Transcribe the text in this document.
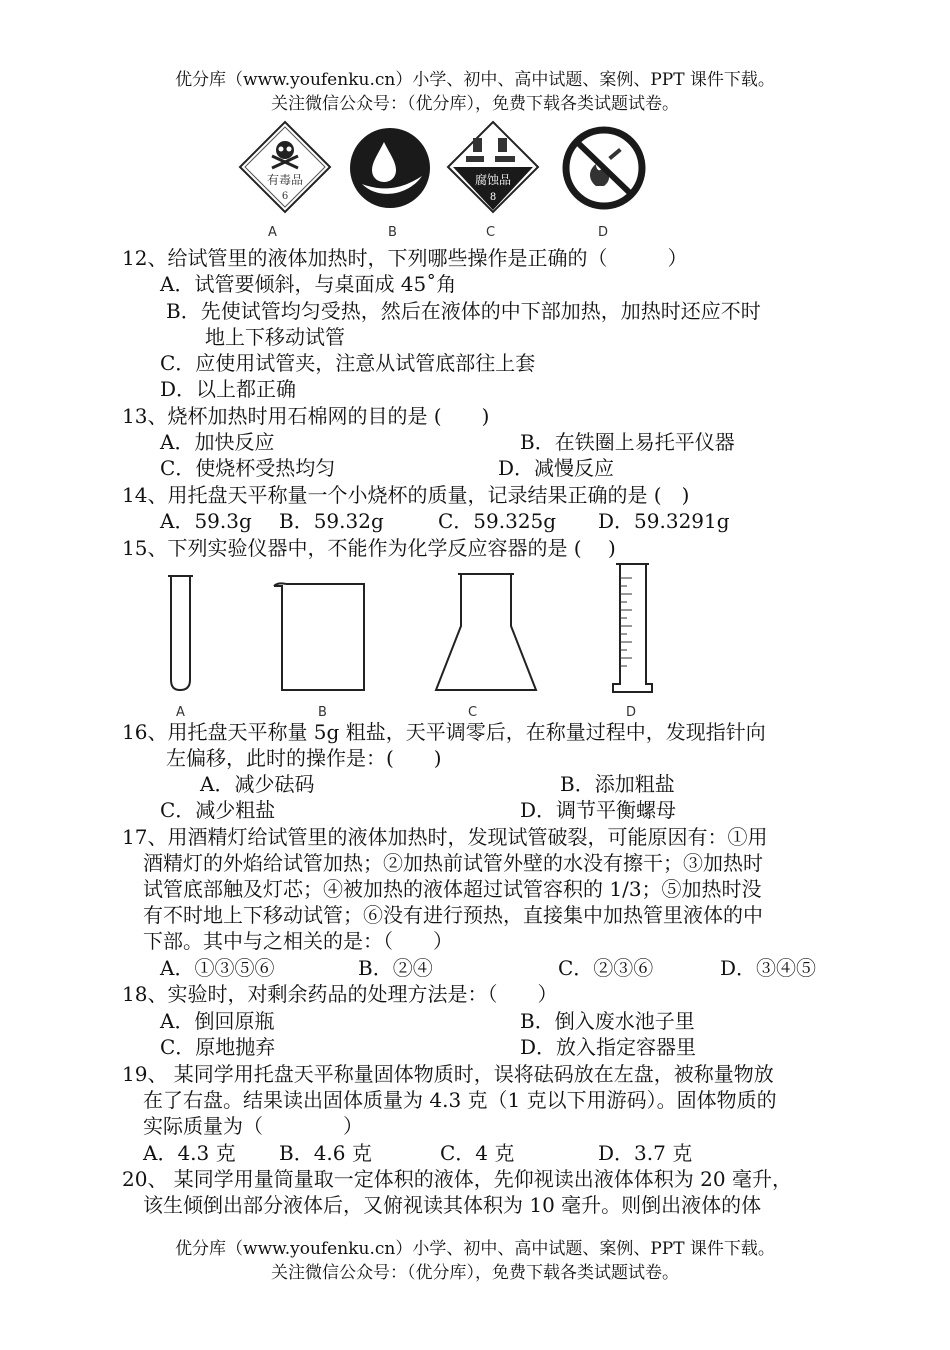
优分库（www.youfenku.cn）小学、初中、高中试题、案例、PPT 课件下载。
关注微信公众号：（优分库），免费下载各类试题试卷。
有毒品
6
A	B
腐蚀品
8
C	D
12、给试管里的液体加热时，下列哪些操作是正确的（　　　）
A．试管要倾斜，与桌面成 45˚角
B．先使试管均匀受热，然后在液体的中下部加热，加热时还应不时
地上下移动试管
C．应使用试管夹，注意从试管底部往上套
D．以上都正确
13、烧杯加热时用石棉网的目的是 (　　)
A．加快反应	B．在铁圈上易托平仪器
C．使烧杯受热均匀	D．减慢反应
14、用托盘天平称量一个小烧杯的质量，记录结果正确的是 (　)
A．59.3g B．59.32g	C．59.325g D．59.3291g
15、下列实验仪器中，不能作为化学反应容器的是 (　 )
A	B	C	D
16、用托盘天平称量 5g 粗盐，天平调零后，在称量过程中，发现指针向
左偏移，此时的操作是：(　　)
A．减少砝码	B．添加粗盐
C．减少粗盐	D．调节平衡螺母
17、用酒精灯给试管里的液体加热时，发现试管破裂，可能原因有：①用
酒精灯的外焰给试管加热；②加热前试管外壁的水没有擦干；③加热时
试管底部触及灯芯；④被加热的液体超过试管容积的 1/3；⑤加热时没
有不时地上下移动试管；⑥没有进行预热，直接集中加热管里液体的中
下部。其中与之相关的是：（　　）
A．①③⑤⑥	B．②④	C．②③⑥	D．③④⑤
18、实验时，对剩余药品的处理方法是：（　　）
A．倒回原瓶	B．倒入废水池子里
C．原地抛弃	D．放入指定容器里
19、 某同学用托盘天平称量固体物质时，误将砝码放在左盘，被称量物放
在了右盘。结果读出固体质量为 4.3 克（1 克以下用游码）。固体物质的
实际质量为（　　　　）
A．4.3 克 B．4.6 克	C．4 克	D．3.7 克
20、 某同学用量筒量取一定体积的液体，先仰视读出液体体积为 20 毫升，
该生倾倒出部分液体后，又俯视读其体积为 10 毫升。则倒出液体的体
优分库（www.youfenku.cn）小学、初中、高中试题、案例、PPT 课件下载。
关注微信公众号：（优分库），免费下载各类试题试卷。
